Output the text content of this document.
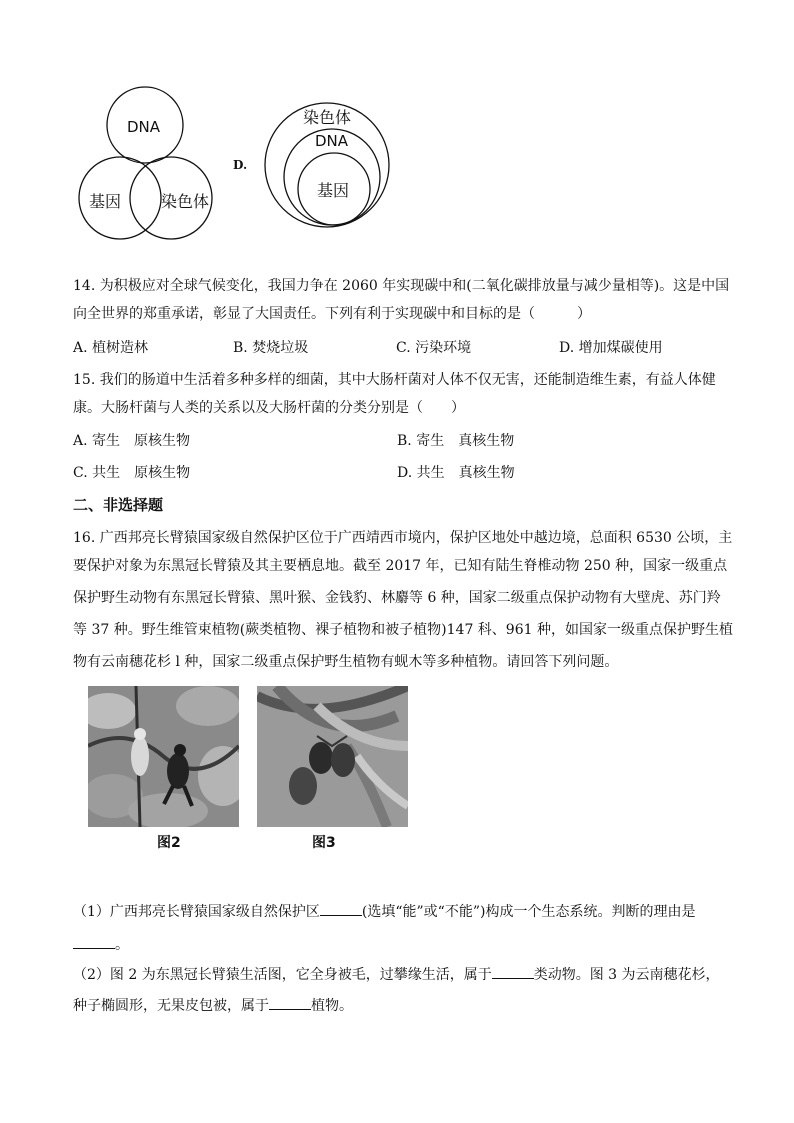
DNA
基因 染色体
D.
染色体
DNA
基因
14. 为积极应对全球气候变化，我国力争在 2060 年实现碳中和(二氧化碳排放量与减少量相等)。这是中国
向全世界的郑重承诺，彰显了大国责任。下列有利于实现碳中和目标的是（　　　）
A. 植树造林	B. 焚烧垃圾	C. 污染环境	D. 增加煤碳使用
15. 我们的肠道中生活着多种多样的细菌，其中大肠杆菌对人体不仅无害，还能制造维生素，有益人体健
康。大肠杆菌与人类的关系以及大肠杆菌的分类分别是（　　）
A. 寄生　原核生物	B. 寄生　真核生物
C. 共生　原核生物	D. 共生　真核生物
二、非选择题
16. 广西邦亮长臂猿国家级自然保护区位于广西靖西市境内，保护区地处中越边境，总面积 6530 公顷，主
要保护对象为东黑冠长臂猿及其主要栖息地。截至 2017 年，已知有陆生脊椎动物 250 种，国家一级重点
保护野生动物有东黑冠长臂猿、黑叶猴、金钱豹、林麝等 6 种，国家二级重点保护动物有大壁虎、苏门羚
等 37 种。野生维管束植物(蕨类植物、裸子植物和被子植物)147 科、961 种，如国家一级重点保护野生植
物有云南穗花杉 l 种，国家二级重点保护野生植物有蚬木等多种植物。请回答下列问题。
图2	图3
（1）广西邦亮长臂猿国家级自然保护区	(选填“能”或“不能”)构成一个生态系统。判断的理由是
。
（2）图 2 为东黑冠长臂猿生活图，它全身被毛，过攀缘生活，属于	类动物。图 3 为云南穗花杉，
种子椭圆形，无果皮包被，属于	植物。
